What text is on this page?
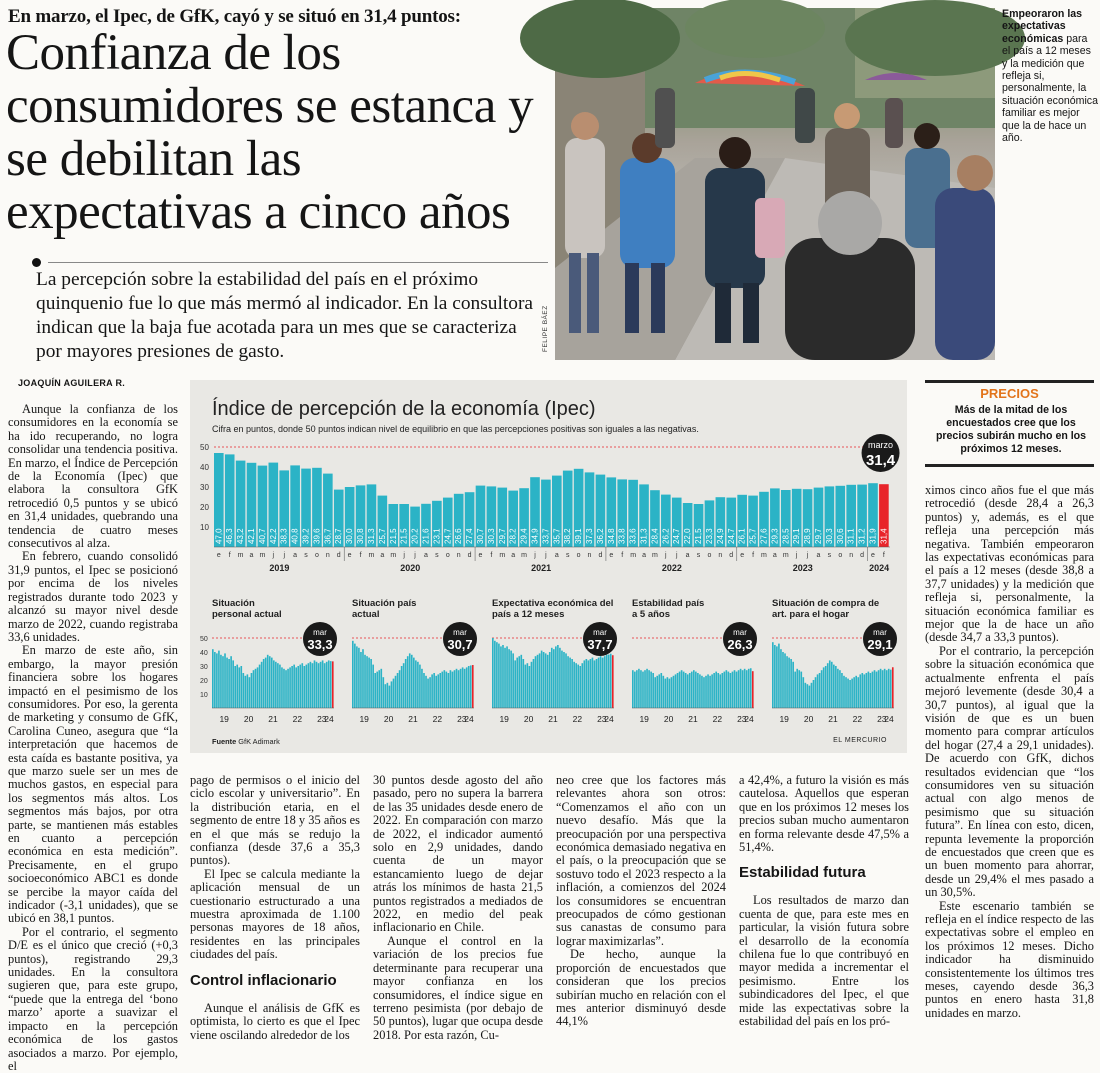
En marzo, el Ipec, de GfK, cayó y se situó en 31,4 puntos:
Confianza de los consumidores se estanca y se debilitan las expectativas a cinco años
La percepción sobre la estabilidad del país en el próximo quinquenio fue lo que más mermó al indicador. En la consultora indican que la baja fue acotada para un mes que se caracteriza por mayores presiones de gasto.	FELIPE BÁEZ
Empeoraron las expectativas económicas para el país a 12 meses y la medición que refleja si, personalmente, la situación económica familiar es mejor que la de hace un año.
JOAQUÍN AGUILERA R.

Aunque la confianza de los consumidores en la economía se ha ido recuperando, no logra consolidar una tendencia positiva. En marzo, el Índice de Percepción de la Economía (Ipec) que elabora la consultora GfK retrocedió 0,5 puntos y se ubicó en 31,4 unidades, quebrando una tendencia de cuatro meses consecutivos al alza.

En febrero, cuando consolidó 31,9 puntos, el Ipec se posicionó por encima de los niveles registrados durante todo 2023 y alcanzó su mayor nivel desde marzo de 2022, cuando registraba 33,6 unidades.

En marzo de este año, sin embargo, la mayor presión financiera sobre los hogares impactó en el pesimismo de los consumidores. Por eso, la gerenta de marketing y consumo de GfK, Carolina Cuneo, asegura que “la interpretación que hacemos de esta caída es bastante positiva, ya que marzo suele ser un mes de muchos gastos, en especial para los segmentos más altos. Los segmentos más bajos, por otra parte, se mantienen más estables en cuanto a percepción económica en esta medición”. Precisamente, en el grupo socioeconómico ABC1 es donde se percibe la mayor caída del indicador (-3,1 unidades), que se ubicó en 38,1 puntos.

Por el contrario, el segmento D/E es el único que creció (+0,3 puntos), registrando 29,3 unidades. En la consultora sugieren que, para este grupo, “puede que la entrega del ‘bono marzo’ aporte a suavizar el impacto en la percepción económica de los gastos asociados a marzo. Por ejemplo, el

Índice de percepción de la economía (Ipec)
Cifra en puntos, donde 50 puntos indican nivel de equilibrio en que las percepciones positivas son iguales a las negativas.
10
20
30
40
50
47,0
e
46,3
f
43,2
m
42,1
a
40,7
m
42,2
j
38,3
j
40,8
a
39,2
s
39,6
o
36,7
n
28,7
d
30,0
e
30,8
f
31,3
m
25,7
a
21,5
m
21,5
j
20,2
j
21,6
a
23,1
s
24,7
o
26,6
n
27,4
d
30,7
e
30,3
f
29,7
m
28,2
a
29,4
m
34,9
j
33,7
j
35,7
a
38,2
s
39,1
o
37,3
n
36,2
d
34,8
e
33,8
f
33,6
m
31,3
a
28,4
m
26,2
j
24,7
j
22,0
a
21,5
s
23,3
o
24,9
n
24,7
d
26,1
e
25,7
f
27,6
m
29,3
a
28,5
m
29,1
j
28,9
j
29,7
a
30,3
s
30,6
o
31,1
n
31,2
d
31,9
e
31,4
f
2019	2020	2021	2022	2023	2024
marzo
31,4
Situación
personal actual
10
20
30
40
50
19 20 21 22 23
24
mar
33,3
Situación país
actual
19 20 21 22 23
24
mar
30,7
Expectativa económica del
país a 12 meses
19 20 21 22 23
24
mar
37,7
Estabilidad país
a 5 años
19 20 21 22 23
24
mar
26,3
Situación de compra de
art. para el hogar
19 20 21 22 23
24
mar
29,1
Fuente GfK Adimark	EL MERCURIO
PRECIOS
Más de la mitad de los encuestados cree que los precios subirán mucho en los próximos 12 meses.

pago de permisos o el inicio del ciclo escolar y universitario”. En la distribución etaria, en el segmento de entre 18 y 35 años es en el que más se redujo la confianza (desde 37,6 a 35,3 puntos).

El Ipec se calcula mediante la aplicación mensual de un cuestionario estructurado a una muestra aproximada de 1.100 personas mayores de 18 años, residentes en las principales ciudades del país.

Control inflacionario

Aunque el análisis de GfK es optimista, lo cierto es que el Ipec viene oscilando alrededor de los

30 puntos desde agosto del año pasado, pero no supera la barrera de las 35 unidades desde enero de 2022. En comparación con marzo de 2022, el indicador aumentó solo en 2,9 unidades, dando cuenta de un mayor estancamiento luego de dejar atrás los mínimos de hasta 21,5 puntos registrados a mediados de 2022, en medio del peak inflacionario en Chile.

Aunque el control en la variación de los precios fue determinante para recuperar una mayor confianza en los consumidores, el índice sigue en terreno pesimista (por debajo de 50 puntos), lugar que ocupa desde 2018. Por esta razón, Cu-

neo cree que los factores más relevantes ahora son otros: “Comenzamos el año con un nuevo desafío. Más que la preocupación por una perspectiva económica demasiado negativa en el país, o la preocupación que se sostuvo todo el 2023 respecto a la inflación, a comienzos del 2024 los consumidores se encuentran preocupados de cómo gestionan sus canastas de consumo para lograr maximizarlas”.

De hecho, aunque la proporción de encuestados que consideran que los precios subirían mucho en relación con el mes anterior disminuyó desde 44,1%

a 42,4%, a futuro la visión es más cautelosa. Aquellos que esperan que en los próximos 12 meses los precios suban mucho aumentaron en forma relevante desde 47,5% a 51,4%.

Estabilidad futura

Los resultados de marzo dan cuenta de que, para este mes en particular, la visión futura sobre el desarrollo de la economía chilena fue lo que contribuyó en mayor medida a incrementar el pesimismo. Entre los subindicadores del Ipec, el que mide las expectativas sobre la estabilidad del país en los pró-

ximos cinco años fue el que más retrocedió (desde 28,4 a 26,3 puntos) y, además, es el que refleja una percepción más negativa. También empeoraron las expectativas económicas para el país a 12 meses (desde 38,8 a 37,7 unidades) y la medición que refleja si, personalmente, la situación económica familiar es mejor que la de hace un año (desde 34,7 a 33,3 puntos).

Por el contrario, la percepción sobre la situación económica que actualmente enfrenta el país mejoró levemente (desde 30,4 a 30,7 puntos), al igual que la visión de que es un buen momento para comprar artículos del hogar (27,4 a 29,1 unidades). De acuerdo con GfK, dichos resultados evidencian que “los consumidores ven su situación actual con algo menos de pesimismo que su situación futura”. En línea con esto, dicen, repunta levemente la proporción de encuestados que creen que es un buen momento para ahorrar, desde un 29,4% el mes pasado a un 30,5%.

Este escenario también se refleja en el índice respecto de las expectativas sobre el empleo en los próximos 12 meses. Dicho indicador ha disminuido consistentemente los últimos tres meses, cayendo desde 36,3 puntos en enero hasta 31,8 unidades en marzo.
